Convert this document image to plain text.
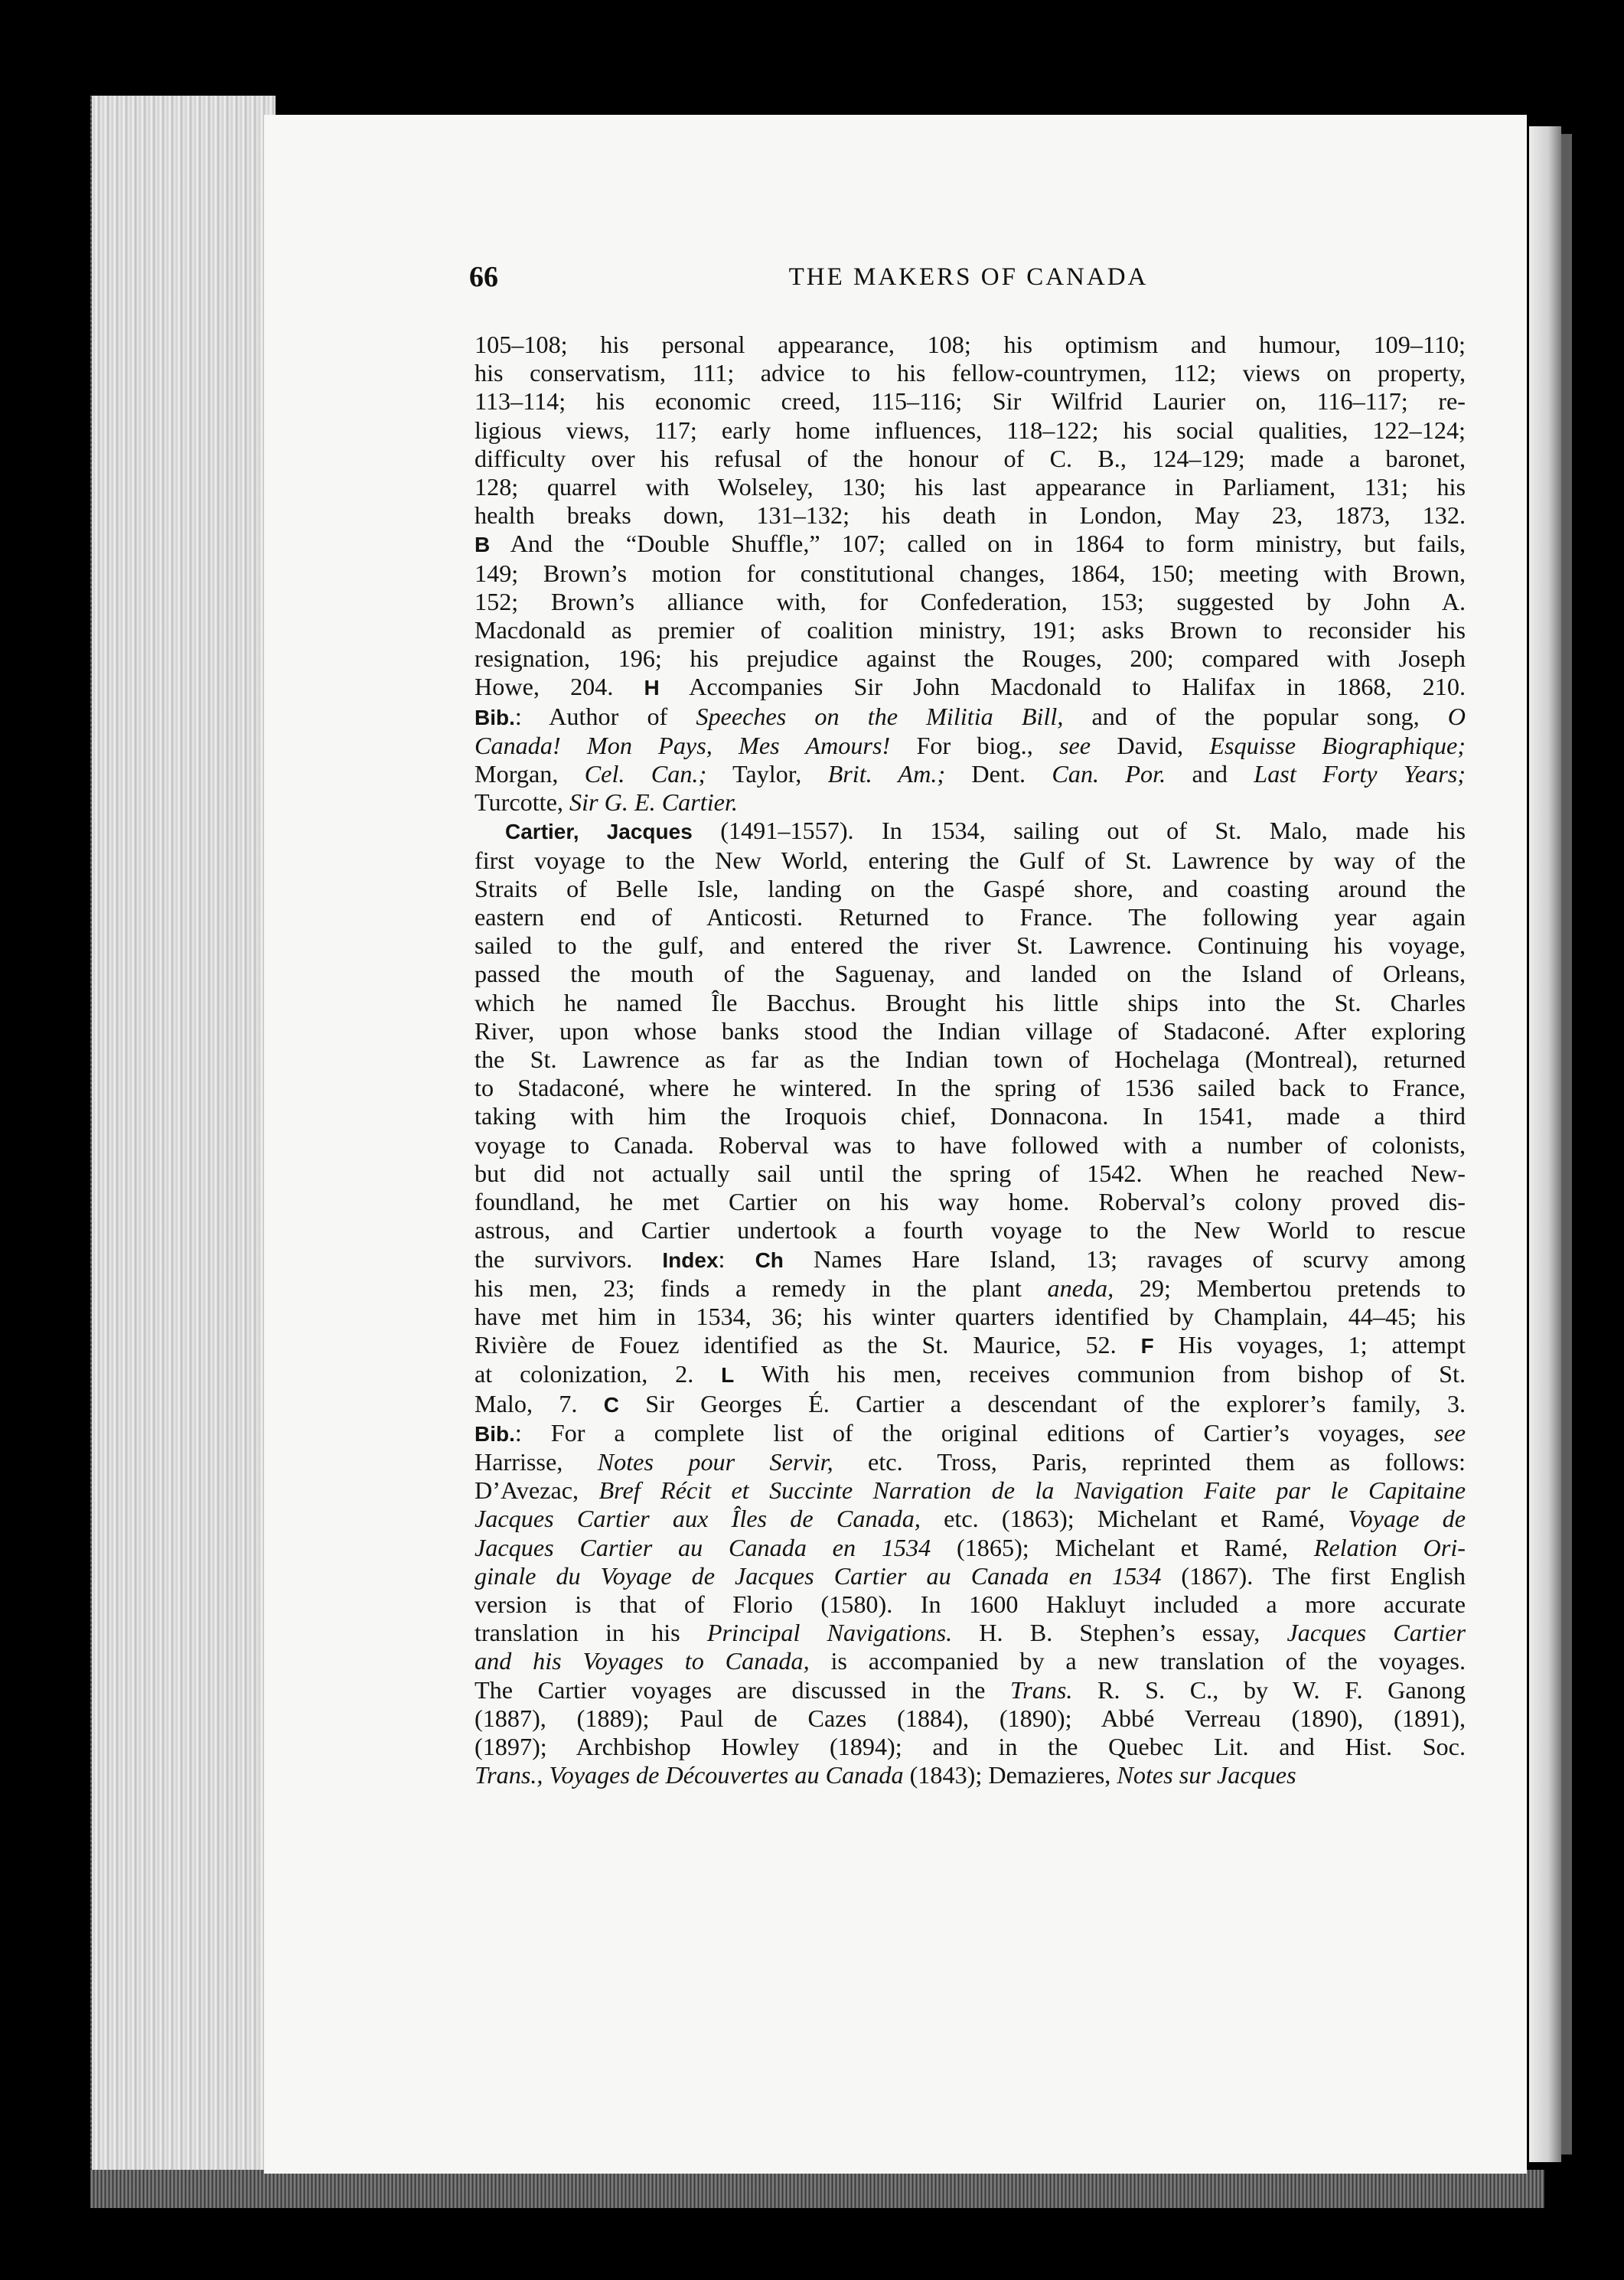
66	THE MAKERS OF CANADA
105–108; his personal appearance, 108; his optimism and humour, 109–110;
his conservatism, 111; advice to his fellow-countrymen, 112; views on property,
113–114; his economic creed, 115–116; Sir Wilfrid Laurier on, 116–117; re-
ligious views, 117; early home influences, 118–122; his social qualities, 122–124;
difficulty over his refusal of the honour of C. B., 124–129; made a baronet,
128; quarrel with Wolseley, 130; his last appearance in Parliament, 131; his
health breaks down, 131–132; his death in London, May 23, 1873, 132.
B And the “Double Shuffle,” 107; called on in 1864 to form ministry, but fails,
149; Brown’s motion for constitutional changes, 1864, 150; meeting with Brown,
152; Brown’s alliance with, for Confederation, 153; suggested by John A.
Macdonald as premier of coalition ministry, 191; asks Brown to reconsider his
resignation, 196; his prejudice against the Rouges, 200; compared with Joseph
Howe, 204. H Accompanies Sir John Macdonald to Halifax in 1868, 210.
Bib.: Author of Speeches on the Militia Bill, and of the popular song, O
Canada! Mon Pays, Mes Amours! For biog., see David, Esquisse Biographique;
Morgan, Cel. Can.; Taylor, Brit. Am.; Dent. Can. Por. and Last Forty Years;
Turcotte, Sir G. E. Cartier.
Cartier, Jacques (1491–1557). In 1534, sailing out of St. Malo, made his
first voyage to the New World, entering the Gulf of St. Lawrence by way of the
Straits of Belle Isle, landing on the Gaspé shore, and coasting around the
eastern end of Anticosti. Returned to France. The following year again
sailed to the gulf, and entered the river St. Lawrence. Continuing his voyage,
passed the mouth of the Saguenay, and landed on the Island of Orleans,
which he named Île Bacchus. Brought his little ships into the St. Charles
River, upon whose banks stood the Indian village of Stadaconé. After exploring
the St. Lawrence as far as the Indian town of Hochelaga (Montreal), returned
to Stadaconé, where he wintered. In the spring of 1536 sailed back to France,
taking with him the Iroquois chief, Donnacona. In 1541, made a third
voyage to Canada. Roberval was to have followed with a number of colonists,
but did not actually sail until the spring of 1542. When he reached New-
foundland, he met Cartier on his way home. Roberval’s colony proved dis-
astrous, and Cartier undertook a fourth voyage to the New World to rescue
the survivors. Index: Ch Names Hare Island, 13; ravages of scurvy among
his men, 23; finds a remedy in the plant aneda, 29; Membertou pretends to
have met him in 1534, 36; his winter quarters identified by Champlain, 44–45; his
Rivière de Fouez identified as the St. Maurice, 52. F His voyages, 1; attempt
at colonization, 2. L With his men, receives communion from bishop of St.
Malo, 7. C Sir Georges É. Cartier a descendant of the explorer’s family, 3.
Bib.: For a complete list of the original editions of Cartier’s voyages, see
Harrisse, Notes pour Servir, etc. Tross, Paris, reprinted them as follows:
D’Avezac, Bref Récit et Succinte Narration de la Navigation Faite par le Capitaine
Jacques Cartier aux Îles de Canada, etc. (1863); Michelant et Ramé, Voyage de
Jacques Cartier au Canada en 1534 (1865); Michelant et Ramé, Relation Ori-
ginale du Voyage de Jacques Cartier au Canada en 1534 (1867). The first English
version is that of Florio (1580). In 1600 Hakluyt included a more accurate
translation in his Principal Navigations. H. B. Stephen’s essay, Jacques Cartier
and his Voyages to Canada, is accompanied by a new translation of the voyages.
The Cartier voyages are discussed in the Trans. R. S. C., by W. F. Ganong
(1887), (1889); Paul de Cazes (1884), (1890); Abbé Verreau (1890), (1891),
(1897); Archbishop Howley (1894); and in the Quebec Lit. and Hist. Soc.
Trans., Voyages de Découvertes au Canada (1843); Demazieres, Notes sur Jacques
